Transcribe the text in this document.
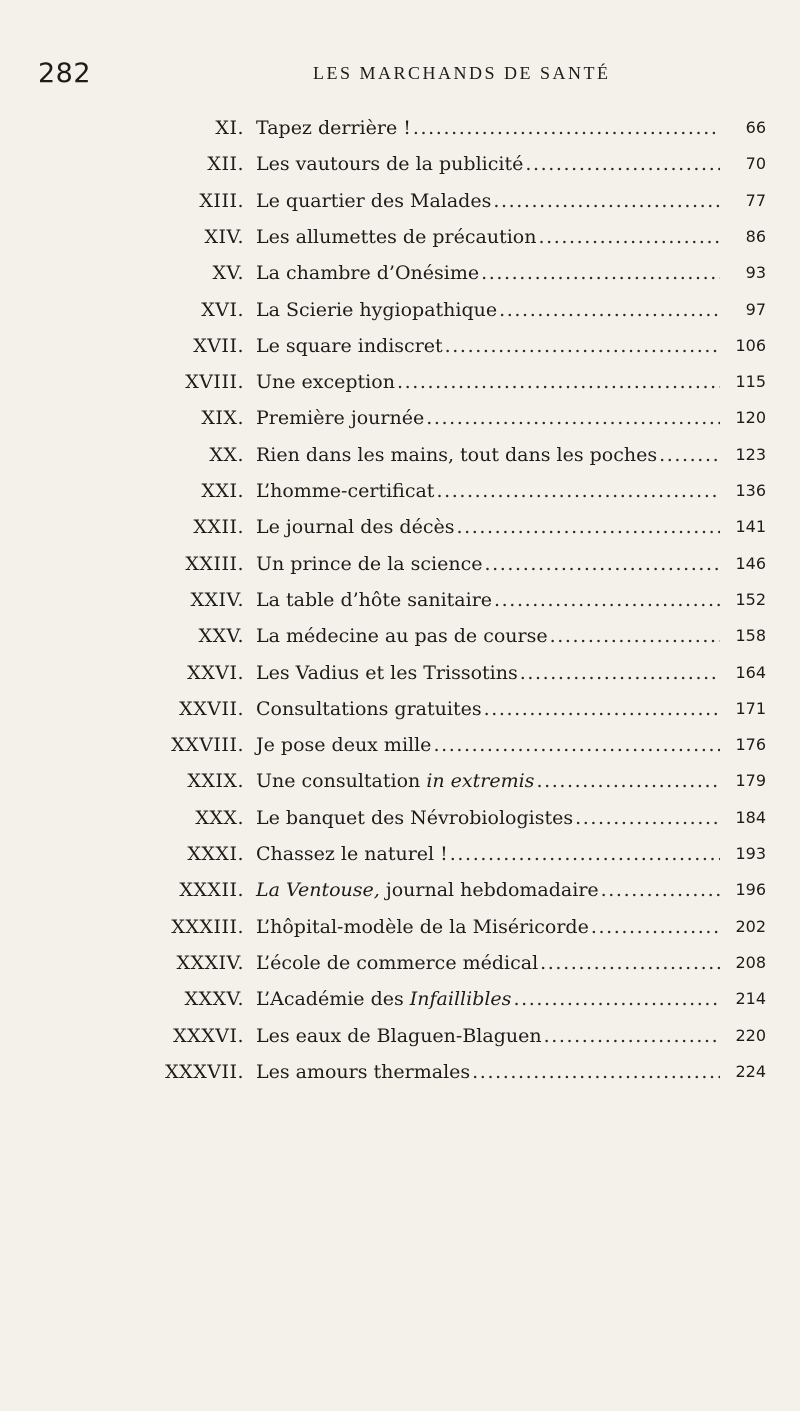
282	LES MARCHANDS DE SANTÉ
XI. Tapez derrière ! .....	66
XII. Les vautours de la publicité .....	70
XIII. Le quartier des Malades .....	77
XIV. Les allumettes de précaution .....	86
XV. La chambre d’Onésime .....	93
XVI. La Scierie hygiopathique .....	97
XVII. Le square indiscret .....	106
XVIII. Une exception .....	115
XIX. Première journée .....	120
XX. Rien dans les mains, tout dans les poches .....	123
XXI. L’homme-certificat .....	136
XXII. Le journal des décès .....	141
XXIII. Un prince de la science .....	146
XXIV. La table d’hôte sanitaire .....	152
XXV. La médecine au pas de course .....	158
XXVI. Les Vadius et les Trissotins .....	164
XXVII. Consultations gratuites .....	171
XXVIII. Je pose deux mille .....	176
XXIX. Une consultation in extremis .....	179
XXX. Le banquet des Névrobiologistes .....	184
XXXI. Chassez le naturel ! .....	193
XXXII. La Ventouse, journal hebdomadaire .....	196
XXXIII. L’hôpital-modèle de la Miséricorde .....	202
XXXIV. L’école de commerce médical .....	208
XXXV. L’Académie des Infaillibles .....	214
XXXVI. Les eaux de Blaguen-Blaguen .....	220
XXXVII. Les amours thermales .....	224
